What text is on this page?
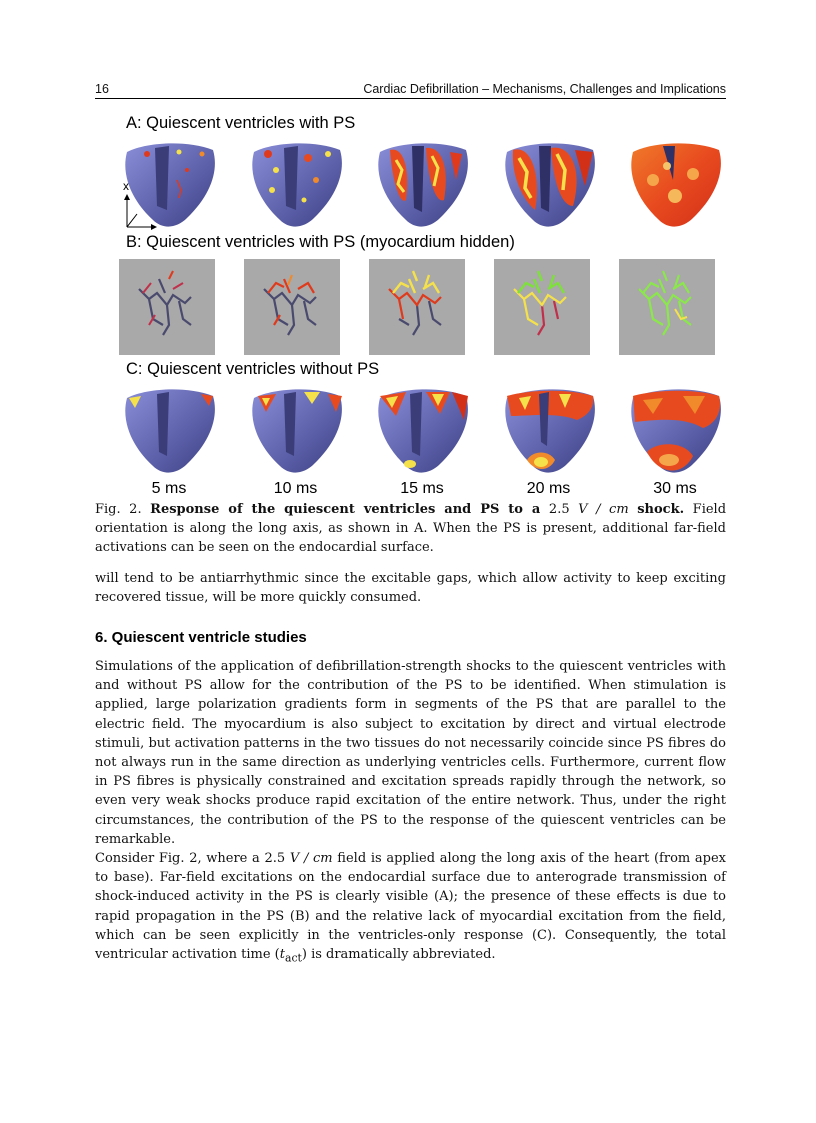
16	Cardiac Defibrillation – Mechanisms, Challenges and Implications
A: Quiescent ventricles with PS
x
B: Quiescent ventricles with PS (myocardium hidden)
C: Quiescent ventricles without PS
5 ms	10 ms	15 ms	20 ms	30 ms
Fig. 2. Response of the quiescent ventricles and PS to a 2.5 V / cm shock. Field orientation is along the long axis, as shown in A. When the PS is present, additional far-field activations can be seen on the endocardial surface.

will tend to be antiarrhythmic since the excitable gaps, which allow activity to keep exciting recovered tissue, will be more quickly consumed.

6. Quiescent ventricle studies

Simulations of the application of defibrillation-strength shocks to the quiescent ventricles with and without PS allow for the contribution of the PS to be identified. When stimulation is applied, large polarization gradients form in segments of the PS that are parallel to the electric field. The myocardium is also subject to excitation by direct and virtual electrode stimuli, but activation patterns in the two tissues do not necessarily coincide since PS fibres do not always run in the same direction as underlying ventricles cells. Furthermore, current flow in PS fibres is physically constrained and excitation spreads rapidly through the network, so even very weak shocks produce rapid excitation of the entire network. Thus, under the right circumstances, the contribution of the PS to the response of the quiescent ventricles can be remarkable.

Consider Fig. 2, where a 2.5 V / cm field is applied along the long axis of the heart (from apex to base). Far-field excitations on the endocardial surface due to anterograde transmission of shock-induced activity in the PS is clearly visible (A); the presence of these effects is due to rapid propagation in the PS (B) and the relative lack of myocardial excitation from the field, which can be seen explicitly in the ventricles-only response (C). Consequently, the total ventricular activation time $(t_{act})$ is dramatically abbreviated.
